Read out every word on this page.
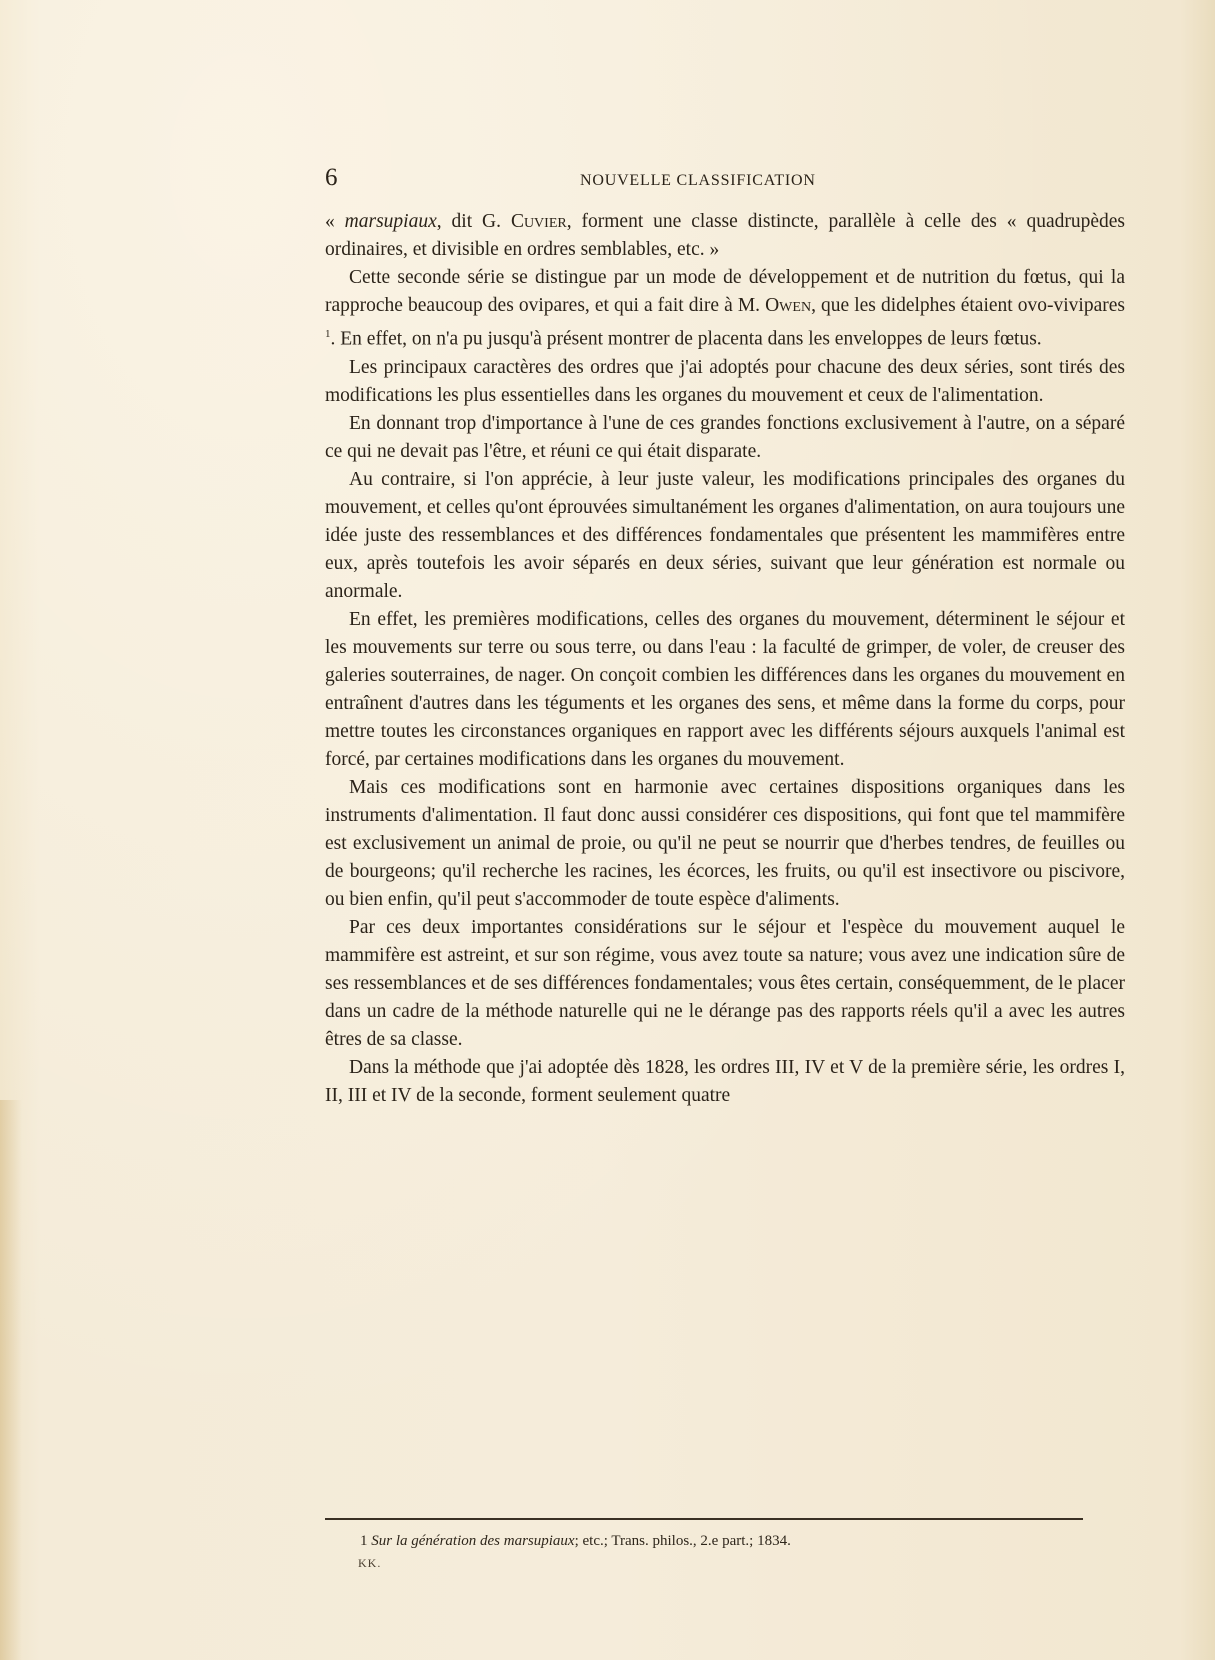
6	NOUVELLE CLASSIFICATION

« marsupiaux, dit G. Cuvier, forment une classe distincte, parallèle à celle des « quadrupèdes ordinaires, et divisible en ordres semblables, etc. »

Cette seconde série se distingue par un mode de développement et de nutrition du fœtus, qui la rapproche beaucoup des ovipares, et qui a fait dire à M. Owen, que les didelphes étaient ovo-vivipares $^1$. En effet, on n'a pu jusqu'à présent montrer de placenta dans les enveloppes de leurs fœtus.

Les principaux caractères des ordres que j'ai adoptés pour chacune des deux séries, sont tirés des modifications les plus essentielles dans les organes du mouvement et ceux de l'alimentation.

En donnant trop d'importance à l'une de ces grandes fonctions exclusivement à l'autre, on a séparé ce qui ne devait pas l'être, et réuni ce qui était disparate.

Au contraire, si l'on apprécie, à leur juste valeur, les modifications principales des organes du mouvement, et celles qu'ont éprouvées simultanément les organes d'alimentation, on aura toujours une idée juste des ressemblances et des différences fondamentales que présentent les mammifères entre eux, après toutefois les avoir séparés en deux séries, suivant que leur génération est normale ou anormale.

En effet, les premières modifications, celles des organes du mouvement, déterminent le séjour et les mouvements sur terre ou sous terre, ou dans l'eau : la faculté de grimper, de voler, de creuser des galeries souterraines, de nager. On conçoit combien les différences dans les organes du mouvement en entraînent d'autres dans les téguments et les organes des sens, et même dans la forme du corps, pour mettre toutes les circonstances organiques en rapport avec les différents séjours auxquels l'animal est forcé, par certaines modifications dans les organes du mouvement.

Mais ces modifications sont en harmonie avec certaines dispositions organiques dans les instruments d'alimentation. Il faut donc aussi considérer ces dispositions, qui font que tel mammifère est exclusivement un animal de proie, ou qu'il ne peut se nourrir que d'herbes tendres, de feuilles ou de bourgeons; qu'il recherche les racines, les écorces, les fruits, ou qu'il est insectivore ou piscivore, ou bien enfin, qu'il peut s'accommoder de toute espèce d'aliments.

Par ces deux importantes considérations sur le séjour et l'espèce du mouvement auquel le mammifère est astreint, et sur son régime, vous avez toute sa nature; vous avez une indication sûre de ses ressemblances et de ses différences fondamentales; vous êtes certain, conséquemment, de le placer dans un cadre de la méthode naturelle qui ne le dérange pas des rapports réels qu'il a avec les autres êtres de sa classe.

Dans la méthode que j'ai adoptée dès 1828, les ordres III, IV et V de la première série, les ordres I, II, III et IV de la seconde, forment seulement quatre

1 Sur la génération des marsupiaux; etc.; Trans. philos., 2.e part.; 1834.
KK.
